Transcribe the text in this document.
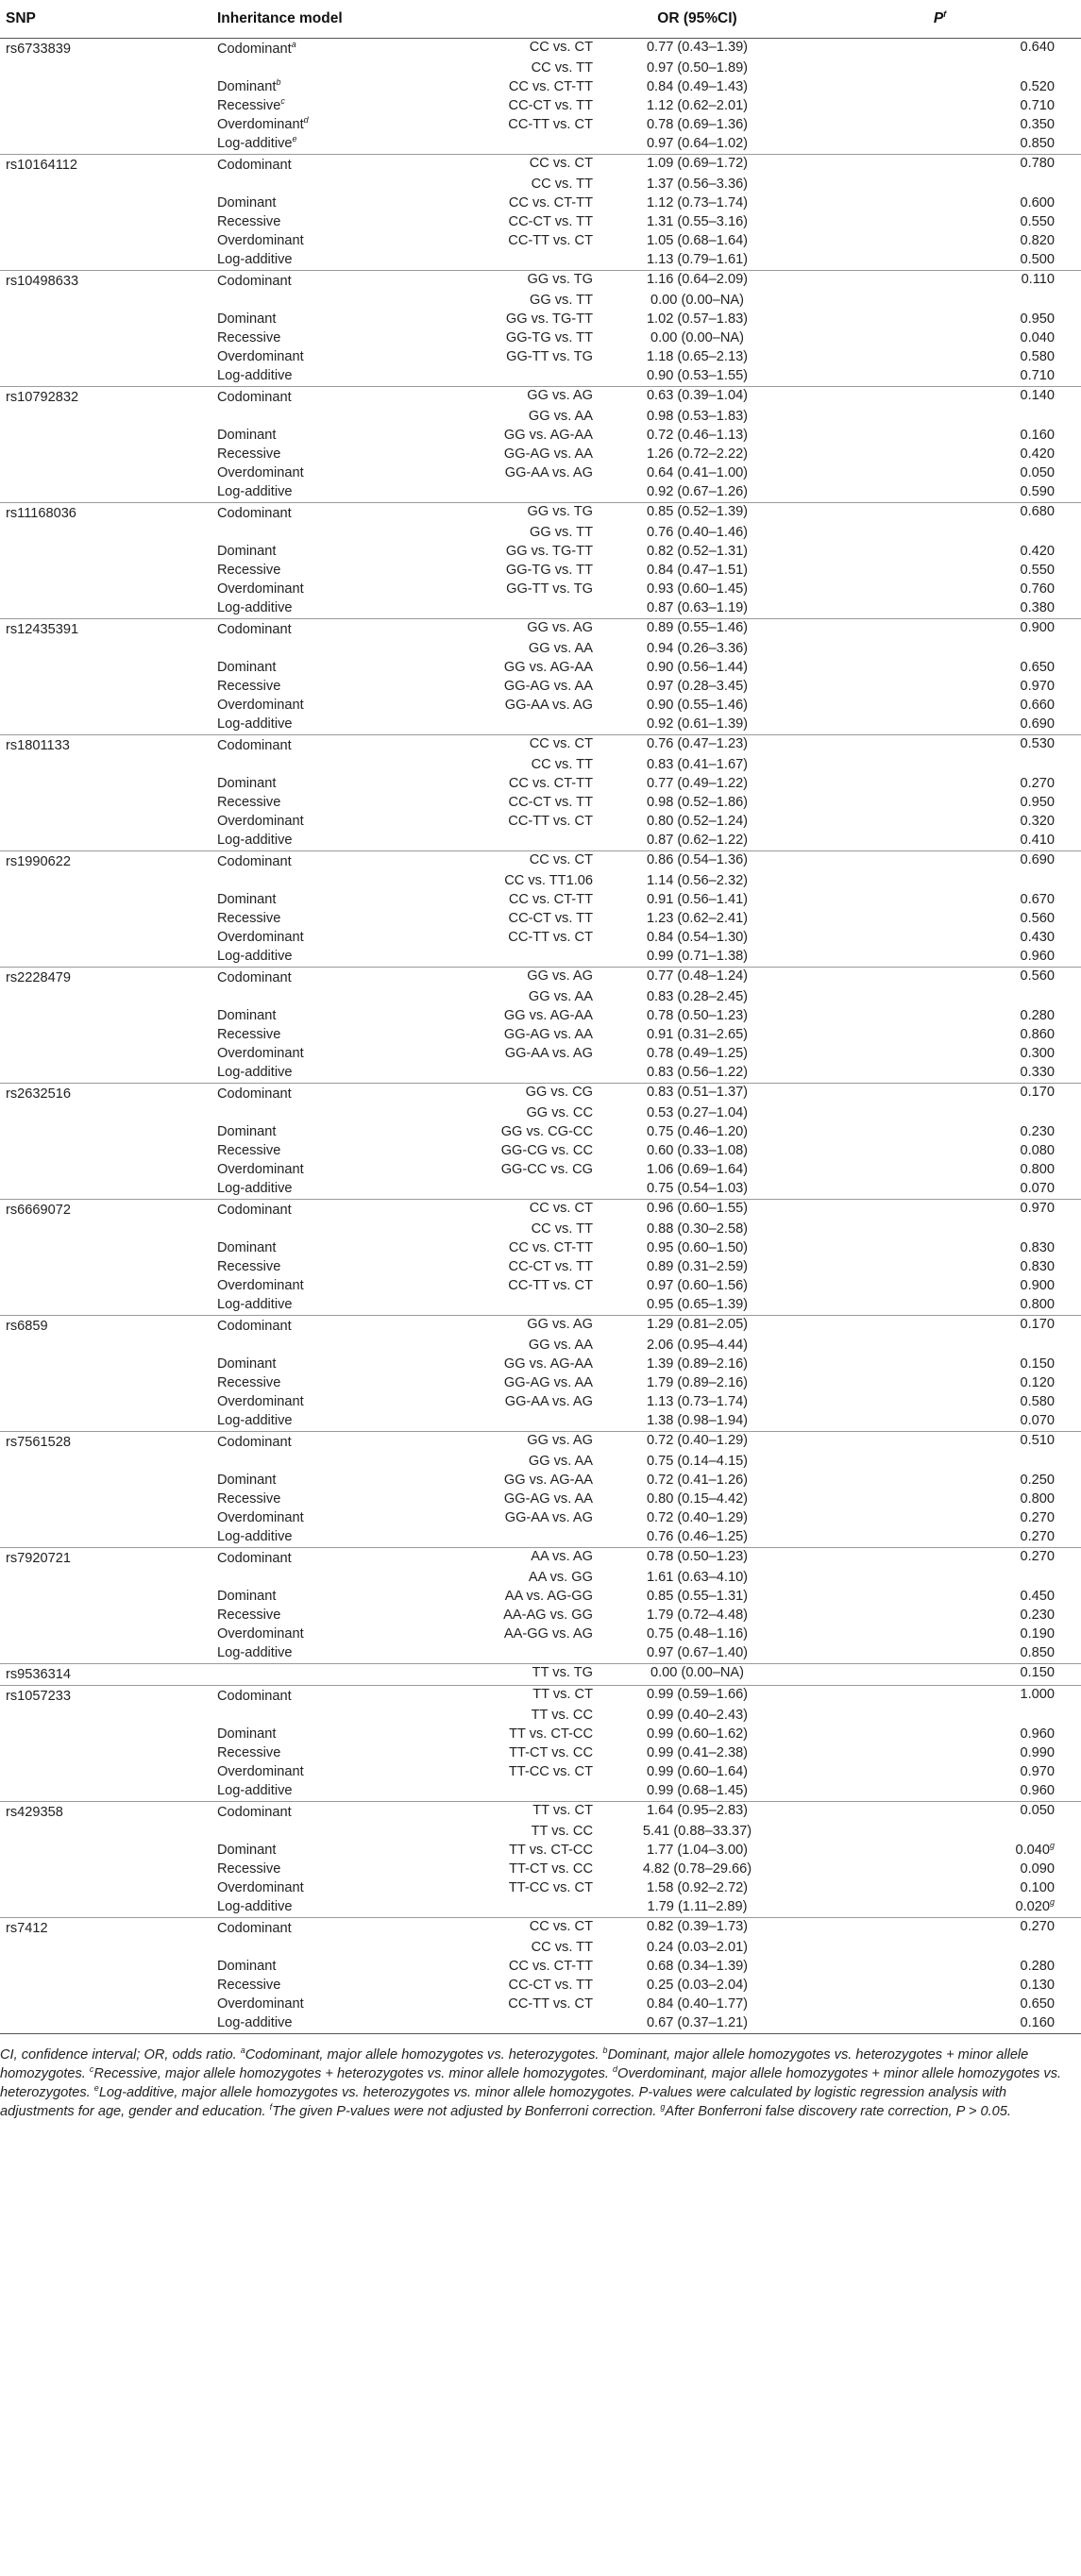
SNP	Inheritance model		OR (95%CI)	$P^f$
rs6733839	Codominant$^a$	CC vs. CT	0.77 (0.43–1.39)	0.640
		CC vs. TT	0.97 (0.50–1.89)	
	Dominant$^b$	CC vs. CT-TT	0.84 (0.49–1.43)	0.520
	Recessive$^c$	CC-CT vs. TT	1.12 (0.62–2.01)	0.710
	Overdominant$^d$	CC-TT vs. CT	0.78 (0.69–1.36)	0.350
	Log-additive$^e$		0.97 (0.64–1.02)	0.850
rs10164112	Codominant	CC vs. CT	1.09 (0.69–1.72)	0.780
		CC vs. TT	1.37 (0.56–3.36)	
	Dominant	CC vs. CT-TT	1.12 (0.73–1.74)	0.600
	Recessive	CC-CT vs. TT	1.31 (0.55–3.16)	0.550
	Overdominant	CC-TT vs. CT	1.05 (0.68–1.64)	0.820
	Log-additive		1.13 (0.79–1.61)	0.500
rs10498633	Codominant	GG vs. TG	1.16 (0.64–2.09)	0.110
		GG vs. TT	0.00 (0.00–NA)	
	Dominant	GG vs. TG-TT	1.02 (0.57–1.83)	0.950
	Recessive	GG-TG vs. TT	0.00 (0.00–NA)	0.040
	Overdominant	GG-TT vs. TG	1.18 (0.65–2.13)	0.580
	Log-additive		0.90 (0.53–1.55)	0.710
rs10792832	Codominant	GG vs. AG	0.63 (0.39–1.04)	0.140
		GG vs. AA	0.98 (0.53–1.83)	
	Dominant	GG vs. AG-AA	0.72 (0.46–1.13)	0.160
	Recessive	GG-AG vs. AA	1.26 (0.72–2.22)	0.420
	Overdominant	GG-AA vs. AG	0.64 (0.41–1.00)	0.050
	Log-additive		0.92 (0.67–1.26)	0.590
rs11168036	Codominant	GG vs. TG	0.85 (0.52–1.39)	0.680
		GG vs. TT	0.76 (0.40–1.46)	
	Dominant	GG vs. TG-TT	0.82 (0.52–1.31)	0.420
	Recessive	GG-TG vs. TT	0.84 (0.47–1.51)	0.550
	Overdominant	GG-TT vs. TG	0.93 (0.60–1.45)	0.760
	Log-additive		0.87 (0.63–1.19)	0.380
rs12435391	Codominant	GG vs. AG	0.89 (0.55–1.46)	0.900
		GG vs. AA	0.94 (0.26–3.36)	
	Dominant	GG vs. AG-AA	0.90 (0.56–1.44)	0.650
	Recessive	GG-AG vs. AA	0.97 (0.28–3.45)	0.970
	Overdominant	GG-AA vs. AG	0.90 (0.55–1.46)	0.660
	Log-additive		0.92 (0.61–1.39)	0.690
rs1801133	Codominant	CC vs. CT	0.76 (0.47–1.23)	0.530
		CC vs. TT	0.83 (0.41–1.67)	
	Dominant	CC vs. CT-TT	0.77 (0.49–1.22)	0.270
	Recessive	CC-CT vs. TT	0.98 (0.52–1.86)	0.950
	Overdominant	CC-TT vs. CT	0.80 (0.52–1.24)	0.320
	Log-additive		0.87 (0.62–1.22)	0.410
rs1990622	Codominant	CC vs. CT	0.86 (0.54–1.36)	0.690
		CC vs. TT1.06	1.14 (0.56–2.32)	
	Dominant	CC vs. CT-TT	0.91 (0.56–1.41)	0.670
	Recessive	CC-CT vs. TT	1.23 (0.62–2.41)	0.560
	Overdominant	CC-TT vs. CT	0.84 (0.54–1.30)	0.430
	Log-additive		0.99 (0.71–1.38)	0.960
rs2228479	Codominant	GG vs. AG	0.77 (0.48–1.24)	0.560
		GG vs. AA	0.83 (0.28–2.45)	
	Dominant	GG vs. AG-AA	0.78 (0.50–1.23)	0.280
	Recessive	GG-AG vs. AA	0.91 (0.31–2.65)	0.860
	Overdominant	GG-AA vs. AG	0.78 (0.49–1.25)	0.300
	Log-additive		0.83 (0.56–1.22)	0.330
rs2632516	Codominant	GG vs. CG	0.83 (0.51–1.37)	0.170
		GG vs. CC	0.53 (0.27–1.04)	
	Dominant	GG vs. CG-CC	0.75 (0.46–1.20)	0.230
	Recessive	GG-CG vs. CC	0.60 (0.33–1.08)	0.080
	Overdominant	GG-CC vs. CG	1.06 (0.69–1.64)	0.800
	Log-additive		0.75 (0.54–1.03)	0.070
rs6669072	Codominant	CC vs. CT	0.96 (0.60–1.55)	0.970
		CC vs. TT	0.88 (0.30–2.58)	
	Dominant	CC vs. CT-TT	0.95 (0.60–1.50)	0.830
	Recessive	CC-CT vs. TT	0.89 (0.31–2.59)	0.830
	Overdominant	CC-TT vs. CT	0.97 (0.60–1.56)	0.900
	Log-additive		0.95 (0.65–1.39)	0.800
rs6859	Codominant	GG vs. AG	1.29 (0.81–2.05)	0.170
		GG vs. AA	2.06 (0.95–4.44)	
	Dominant	GG vs. AG-AA	1.39 (0.89–2.16)	0.150
	Recessive	GG-AG vs. AA	1.79 (0.89–2.16)	0.120
	Overdominant	GG-AA vs. AG	1.13 (0.73–1.74)	0.580
	Log-additive		1.38 (0.98–1.94)	0.070
rs7561528	Codominant	GG vs. AG	0.72 (0.40–1.29)	0.510
		GG vs. AA	0.75 (0.14–4.15)	
	Dominant	GG vs. AG-AA	0.72 (0.41–1.26)	0.250
	Recessive	GG-AG vs. AA	0.80 (0.15–4.42)	0.800
	Overdominant	GG-AA vs. AG	0.72 (0.40–1.29)	0.270
	Log-additive		0.76 (0.46–1.25)	0.270
rs7920721	Codominant	AA vs. AG	0.78 (0.50–1.23)	0.270
		AA vs. GG	1.61 (0.63–4.10)	
	Dominant	AA vs. AG-GG	0.85 (0.55–1.31)	0.450
	Recessive	AA-AG vs. GG	1.79 (0.72–4.48)	0.230
	Overdominant	AA-GG vs. AG	0.75 (0.48–1.16)	0.190
	Log-additive		0.97 (0.67–1.40)	0.850
rs9536314		TT vs. TG	0.00 (0.00–NA)	0.150
rs1057233	Codominant	TT vs. CT	0.99 (0.59–1.66)	1.000
		TT vs. CC	0.99 (0.40–2.43)	
	Dominant	TT vs. CT-CC	0.99 (0.60–1.62)	0.960
	Recessive	TT-CT vs. CC	0.99 (0.41–2.38)	0.990
	Overdominant	TT-CC vs. CT	0.99 (0.60–1.64)	0.970
	Log-additive		0.99 (0.68–1.45)	0.960
rs429358	Codominant	TT vs. CT	1.64 (0.95–2.83)	0.050
		TT vs. CC	5.41 (0.88–33.37)	
	Dominant	TT vs. CT-CC	1.77 (1.04–3.00)	0.040$^g$
	Recessive	TT-CT vs. CC	4.82 (0.78–29.66)	0.090
	Overdominant	TT-CC vs. CT	1.58 (0.92–2.72)	0.100
	Log-additive		1.79 (1.11–2.89)	0.020$^g$
rs7412	Codominant	CC vs. CT	0.82 (0.39–1.73)	0.270
		CC vs. TT	0.24 (0.03–2.01)	
	Dominant	CC vs. CT-TT	0.68 (0.34–1.39)	0.280
	Recessive	CC-CT vs. TT	0.25 (0.03–2.04)	0.130
	Overdominant	CC-TT vs. CT	0.84 (0.40–1.77)	0.650
	Log-additive		0.67 (0.37–1.21)	0.160
CI, confidence interval; OR, odds ratio. $^a$Codominant, major allele homozygotes vs. heterozygotes. $^b$Dominant, major allele homozygotes vs. heterozygotes + minor allele homozygotes. $^c$Recessive, major allele homozygotes + heterozygotes vs. minor allele homozygotes. $^d$Overdominant, major allele homozygotes + minor allele homozygotes vs. heterozygotes. $^e$Log-additive, major allele homozygotes vs. heterozygotes vs. minor allele homozygotes. P-values were calculated by logistic regression analysis with adjustments for age, gender and education. $^f$The given P-values were not adjusted by Bonferroni correction. $^g$After Bonferroni false discovery rate correction, P > 0.05.
